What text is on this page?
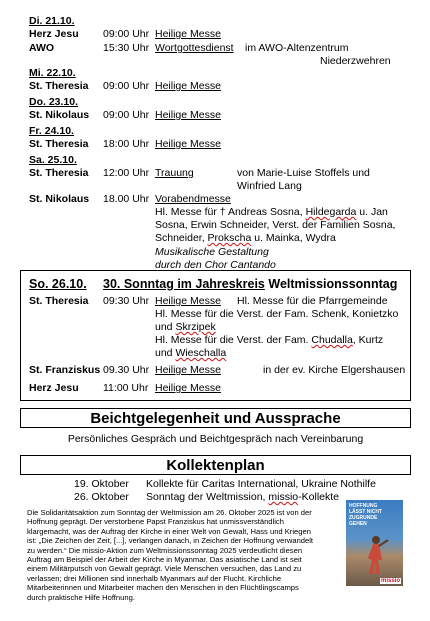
Di. 21.10.
Herz Jesu 09:00 Uhr Heilige Messe
AWO	15:30 Uhr Wortgottesdienst im AWO-Altenzentrum
Niederzwehren
Mi. 22.10.
St. Theresia 09:00 Uhr Heilige Messe
Do. 23.10.
St. Nikolaus 09:00 Uhr Heilige Messe
Fr. 24.10.
St. Theresia 18:00 Uhr Heilige Messe
Sa. 25.10.
St. Theresia 12:00 Uhr Trauung	von Marie-Luise Stoffels und
Winfried Lang
St. Nikolaus 18.00 Uhr Vorabendmesse
Hl. Messe für † Andreas Sosna, Hildegarda u. Jan
Sosna, Erwin Schneider, Verst. der Familien Sosna,
Schneider, Prokscha u. Mainka, Wydra
Musikalische Gestaltung
durch den Chor Cantando
So. 26.10. 30. Sonntag im Jahreskreis Weltmissionssonntag
St. Theresia 09:30 Uhr Heilige Messe Hl. Messe für die Pfarrgemeinde
Hl. Messe für die Verst. der Fam. Schenk, Konietzko
und Skrzipek
Hl. Messe für die Verst. der Fam. Chudalla, Kurtz
und Wieschalla
St. Franziskus 09.30 Uhr Heilige Messe	in der ev. Kirche Elgershausen
Herz Jesu 11:00 Uhr Heilige Messe
Beichtgelegenheit und Aussprache
Persönliches Gespräch und Beichtgespräch nach Vereinbarung
Kollektenplan
19. Oktober Kollekte für Caritas International, Ukraine Nothilfe
26. Oktober Sonntag der Weltmission, missio-Kollekte
Die Solidaritätsaktion zum Sonntag der Weltmission am 26. Oktober 2025 ist von der
Hoffnung geprägt. Der verstorbene Papst Franziskus hat unmissverständlich
klargemacht, was der Auftrag der Kirche in einer Welt von Gewalt, Hass und Kriegen
ist: „Die Zeichen der Zeit, [...], verlangen danach, in Zeichen der Hoffnung verwandelt
zu werden.“ Die missio-Aktion zum Weltmissionssonntag 2025 verdeutlicht diesen
Auftrag am Beispiel der Arbeit der Kirche in Myanmar. Das asiatische Land ist seit
einem Militärputsch von Gewalt geprägt. Viele Menschen versuchen, das Land zu
verlassen; drei Millionen sind innerhalb Myanmars auf der Flucht. Kirchliche
Mitarbeiterinnen und Mitarbeiter machen den Menschen in den Flüchtlingscamps
durch praktische Hilfe Hoffnung.
HOFFNUNG
LÄSST NICHT
ZUGRUNDE
GEHEN
missio
